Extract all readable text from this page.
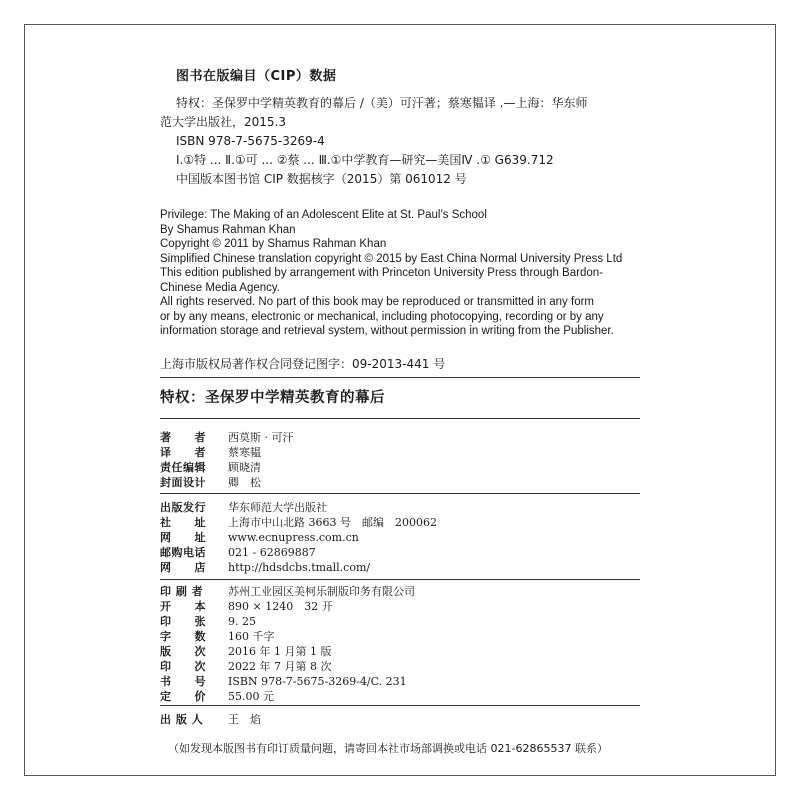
图书在版编目（CIP）数据
特权：圣保罗中学精英教育的幕后 /（美）可汗著；蔡寒韫译 .—上海：华东师
范大学出版社，2015.3
ISBN 978-7-5675-3269-4
Ⅰ.①特 ... Ⅱ.①可 ... ②蔡 ... Ⅲ.①中学教育—研究—美国Ⅳ .① G639.712
中国版本图书馆 CIP 数据核字（2015）第 061012 号
Privilege: The Making of an Adolescent Elite at St. Paul’s School
By Shamus Rahman Khan
Copyright © 2011 by Shamus Rahman Khan
Simplified Chinese translation copyright © 2015 by East China Normal University Press Ltd
This edition published by arrangement with Princeton University Press through Bardon-
Chinese Media Agency.
All rights reserved. No part of this book may be reproduced or transmitted in any form
or by any means, electronic or mechanical, including photocopying, recording or by any
information storage and retrieval system, without permission in writing from the Publisher.
上海市版权局著作权合同登记图字：09-2013-441 号
特权：圣保罗中学精英教育的幕后
著　　者	西莫斯 · 可汗
译　　者	蔡寒韫
责任编辑	顾晓清
封面设计	卿　松
出版发行	华东师范大学出版社
社　　址	上海市中山北路 3663 号　邮编　200062
网　　址	www.ecnupress.com.cn
邮购电话	021 - 62869887
网　　店	http://hdsdcbs.tmall.com/
印 刷 者	苏州工业园区美柯乐制版印务有限公司
开　　本	890 × 1240　32 开
印　　张	9. 25
字　　数	160 千字
版　　次	2016 年 1 月第 1 版
印　　次	2022 年 7 月第 8 次
书　　号	ISBN 978-7-5675-3269-4/C. 231
定　　价	55.00 元
出 版 人	王　焰
（如发现本版图书有印订质量问题，请寄回本社市场部调换或电话 021-62865537 联系）
